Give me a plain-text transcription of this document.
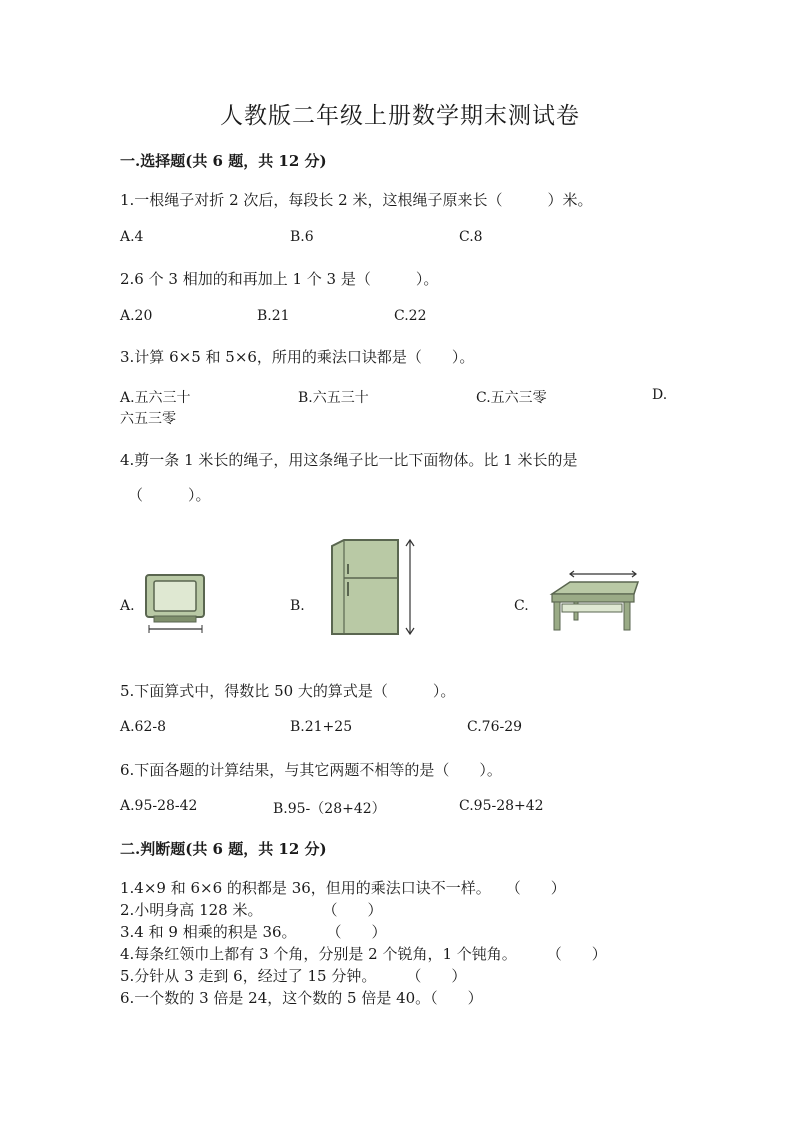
人教版二年级上册数学期末测试卷
一.选择题(共 6 题，共 12 分)
1.一根绳子对折 2 次后，每段长 2 米，这根绳子原来长（　　　）米。
A.4	B.6	C.8
2.6 个 3 相加的和再加上 1 个 3 是（　　　）。
A.20	B.21	C.22
3.计算 6×5 和 5×6，所用的乘法口诀都是（　　）。
A.五六三十	B.六五三十	C.五六三零	D.
六五三零
4.剪一条 1 米长的绳子，用这条绳子比一比下面物体。比 1 米长的是
（　　　）。
A.	B.	C.
5.下面算式中，得数比 50 大的算式是（　　　）。
A.62-8	B.21+25	C.76-29
6.下面各题的计算结果，与其它两题不相等的是（　　）。
A.95-28-42	B.95-（28+42）	C.95-28+42
二.判断题(共 6 题，共 12 分)
1.4×9 和 6×6 的积都是 36，但用的乘法口诀不一样。　　（　　）
2.小明身高 128 米。　　　　　（　　）
3.4 和 9 相乘的积是 36。　　　（　　）
4.每条红领巾上都有 3 个角，分别是 2 个锐角，1 个钝角。　　　（　　）
5.分针从 3 走到 6，经过了 15 分钟。　　　（　　）
6.一个数的 3 倍是 24，这个数的 5 倍是 40。（　　）
